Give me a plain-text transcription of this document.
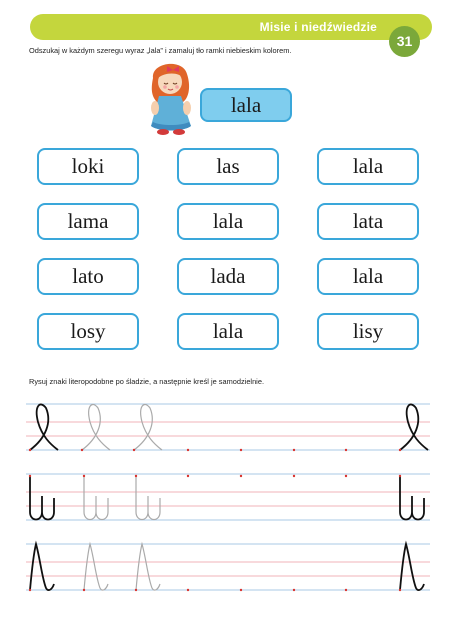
Misie i niedźwiedzie
31
Odszukaj w każdym szeregu wyraz „lala” i zamaluj tło ramki niebieskim kolorem.
lala
loki	las	lala
lama	lala	lata
lato	lada	lala
losy	lala	lisy
Rysuj znaki literopodobne po śladzie, a następnie kreśl je samodzielnie.
